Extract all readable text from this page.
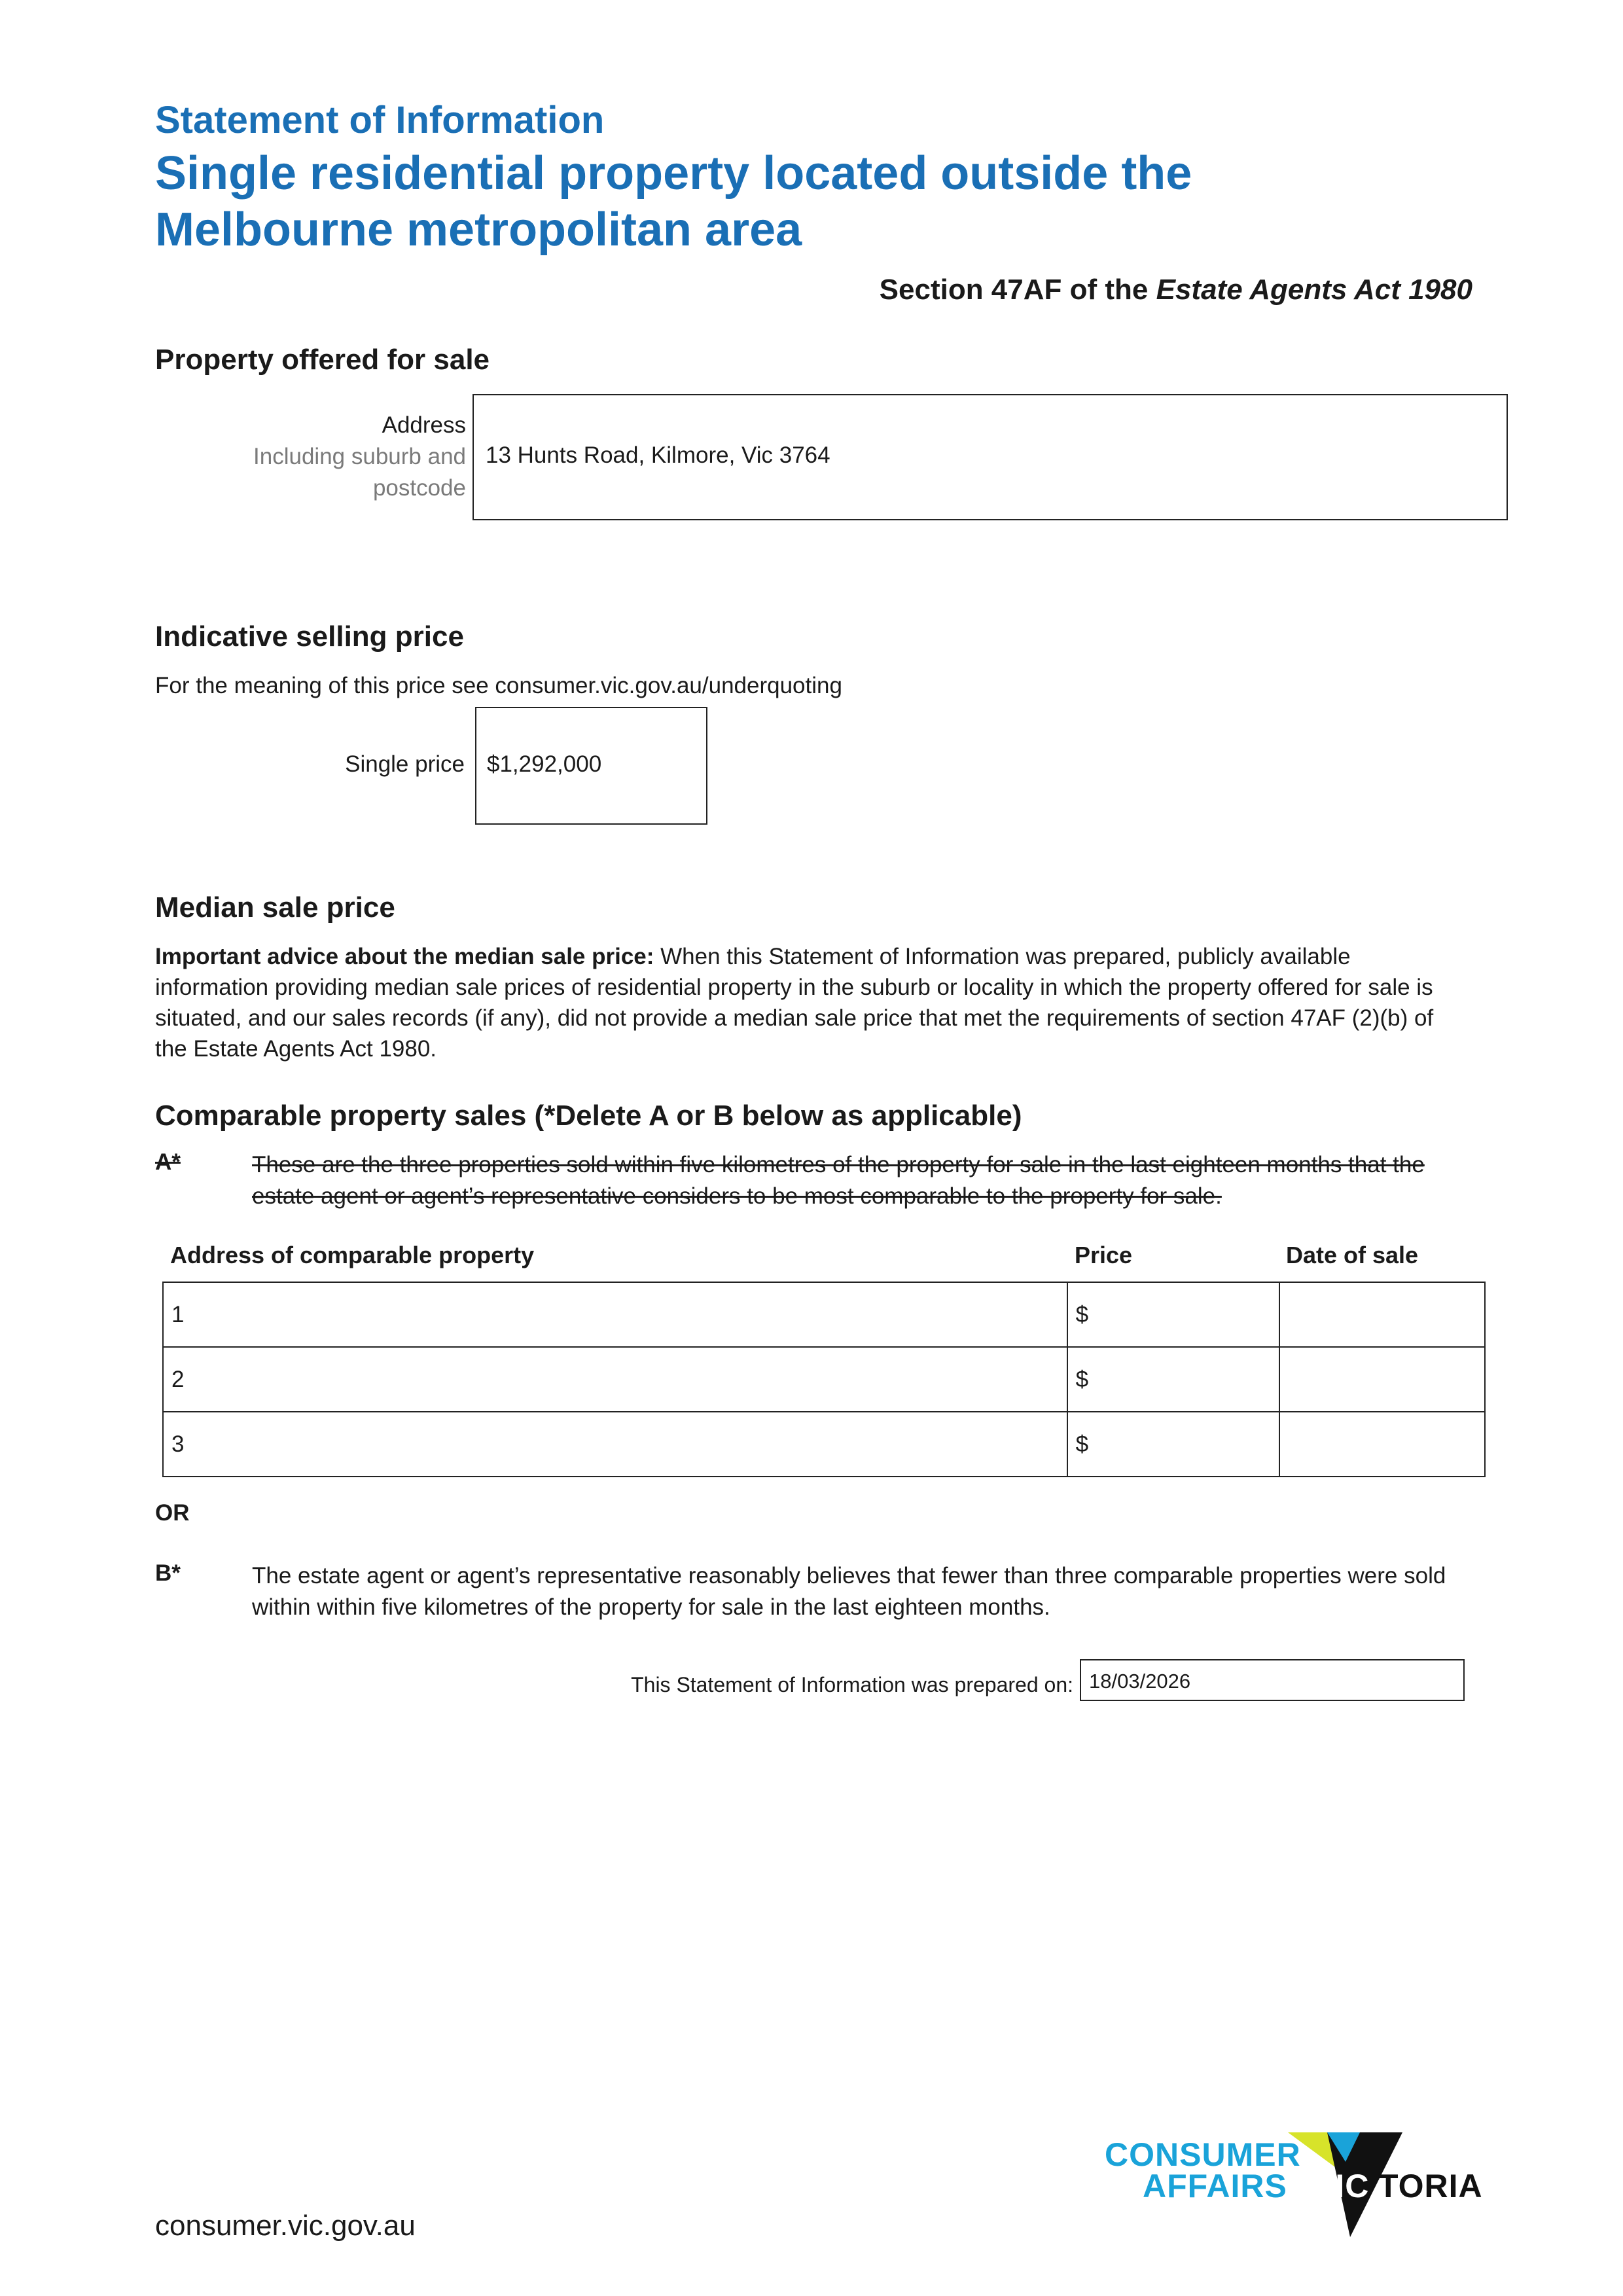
Statement of Information
Single residential property located outside the Melbourne metropolitan area
Section 47AF of the Estate Agents Act 1980
Property offered for sale
Address
Including suburb and
postcode
13 Hunts Road, Kilmore, Vic 3764
Indicative selling price
For the meaning of this price see consumer.vic.gov.au/underquoting
Single price $1,292,000
Median sale price
Important advice about the median sale price: When this Statement of Information was prepared, publicly available information providing median sale prices of residential property in the suburb or locality in which the property offered for sale is situated, and our sales records (if any), did not provide a median sale price that met the requirements of section 47AF (2)(b) of the Estate Agents Act 1980.
Comparable property sales (*Delete A or B below as applicable)
A*	These are the three properties sold within five kilometres of the property for sale in the last eighteen months that the estate agent or agent’s representative considers to be most comparable to the property for sale.
Address of comparable property	Price	Date of sale
1	$	
2	$	
3	$	
OR
B*	The estate agent or agent’s representative reasonably believes that fewer than three comparable properties were sold within within five kilometres of the property for sale in the last eighteen months.
This Statement of Information was prepared on: 18/03/2026
consumer.vic.gov.au
CONSUMER
AFFAIRS VIC TORIA
